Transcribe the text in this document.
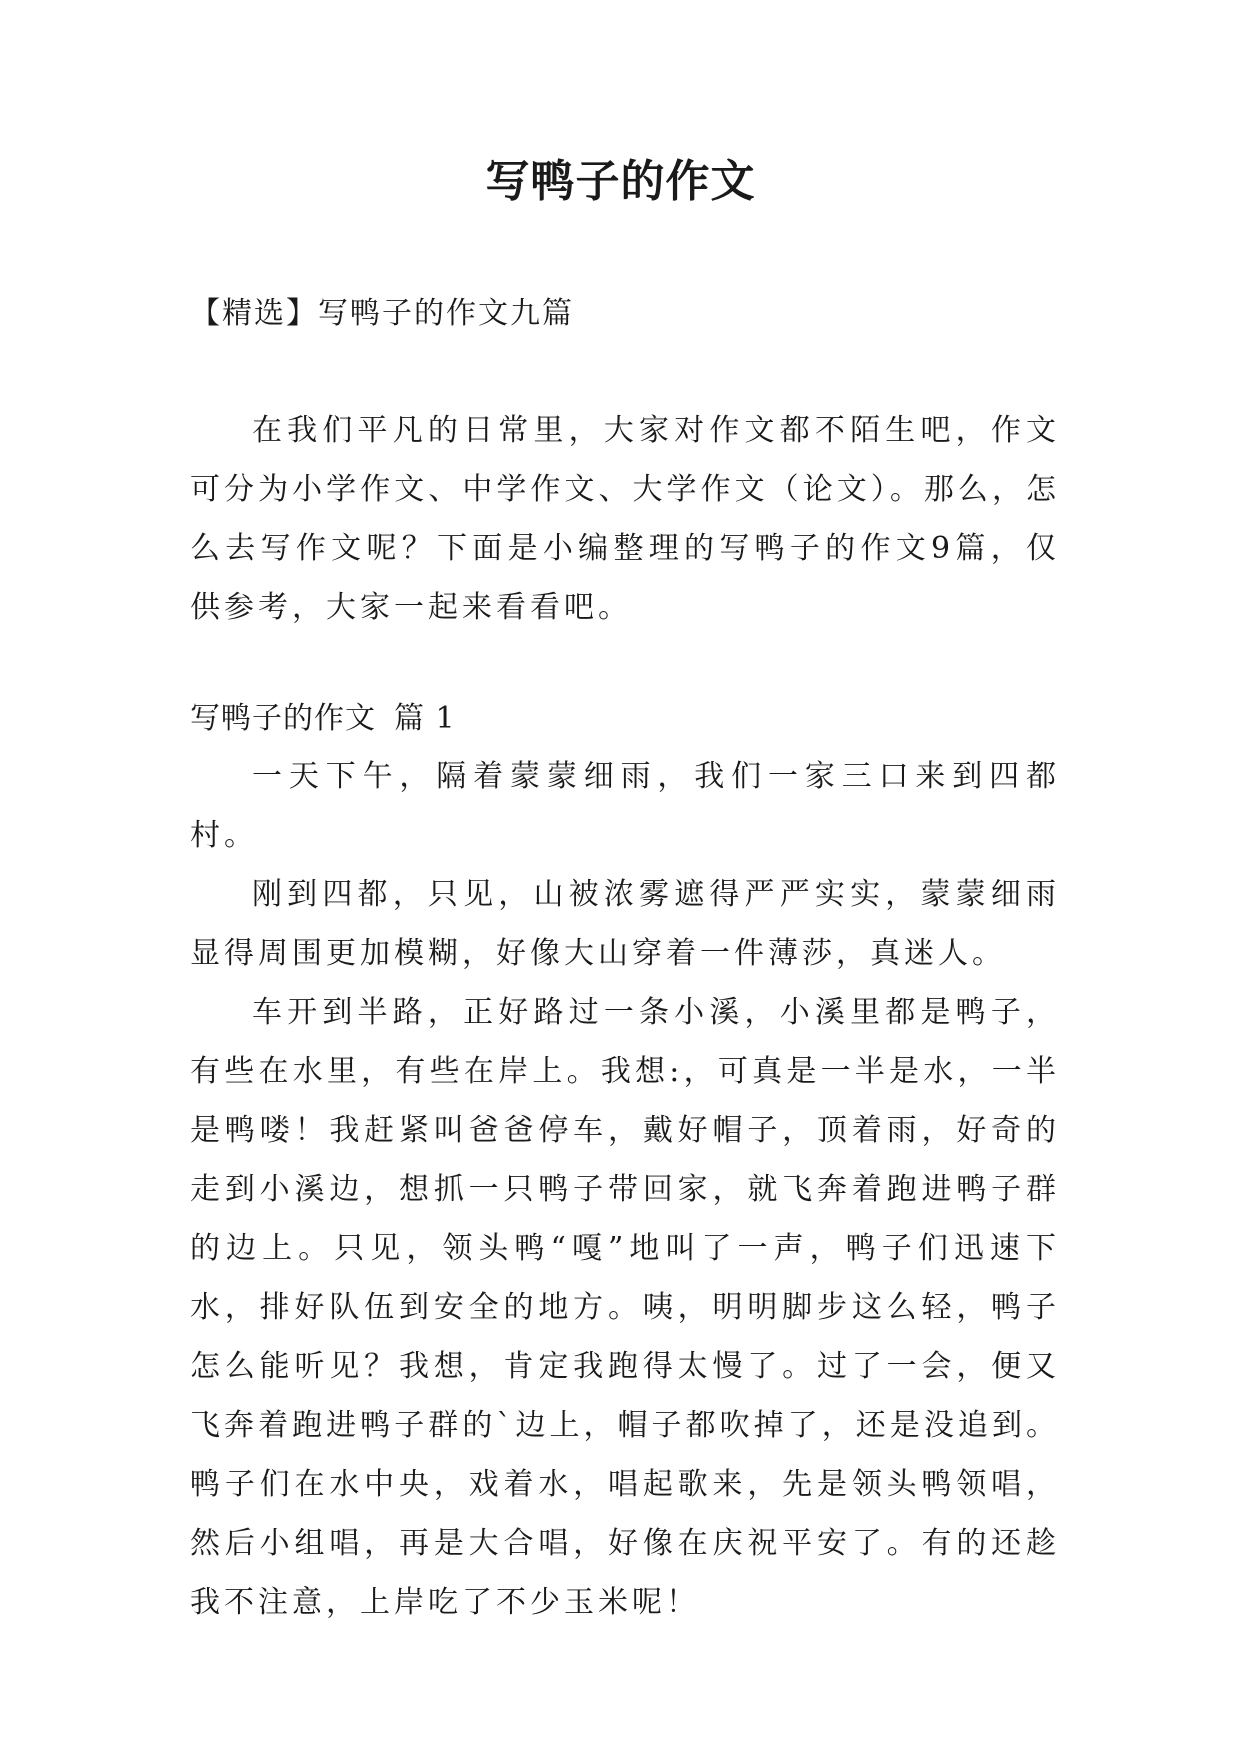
写鸭子的作文
【精选】写鸭子的作文九篇

在我们平凡的日常里，大家对作文都不陌生吧，作文可分为小学作文、中学作文、大学作文（论文）。那么，怎么去写作文呢？下面是小编整理的写鸭子的作文9篇，仅供参考，大家一起来看看吧。

写鸭子的作文 篇 1

一天下午，隔着蒙蒙细雨，我们一家三口来到四都村。

刚到四都，只见，山被浓雾遮得严严实实，蒙蒙细雨显得周围更加模糊，好像大山穿着一件薄莎，真迷人。

车开到半路，正好路过一条小溪，小溪里都是鸭子，有些在水里，有些在岸上。我想:，可真是一半是水，一半是鸭喽！我赶紧叫爸爸停车，戴好帽子，顶着雨，好奇的走到小溪边，想抓一只鸭子带回家，就飞奔着跑进鸭子群的边上。只见，领头鸭“嘎”地叫了一声，鸭子们迅速下水，排好队伍到安全的地方。咦，明明脚步这么轻，鸭子怎么能听见？我想，肯定我跑得太慢了。过了一会，便又飞奔着跑进鸭子群的`边上，帽子都吹掉了，还是没追到。鸭子们在水中央，戏着水，唱起歌来，先是领头鸭领唱，然后小组唱，再是大合唱，好像在庆祝平安了。有的还趁我不注意，上岸吃了不少玉米呢！
